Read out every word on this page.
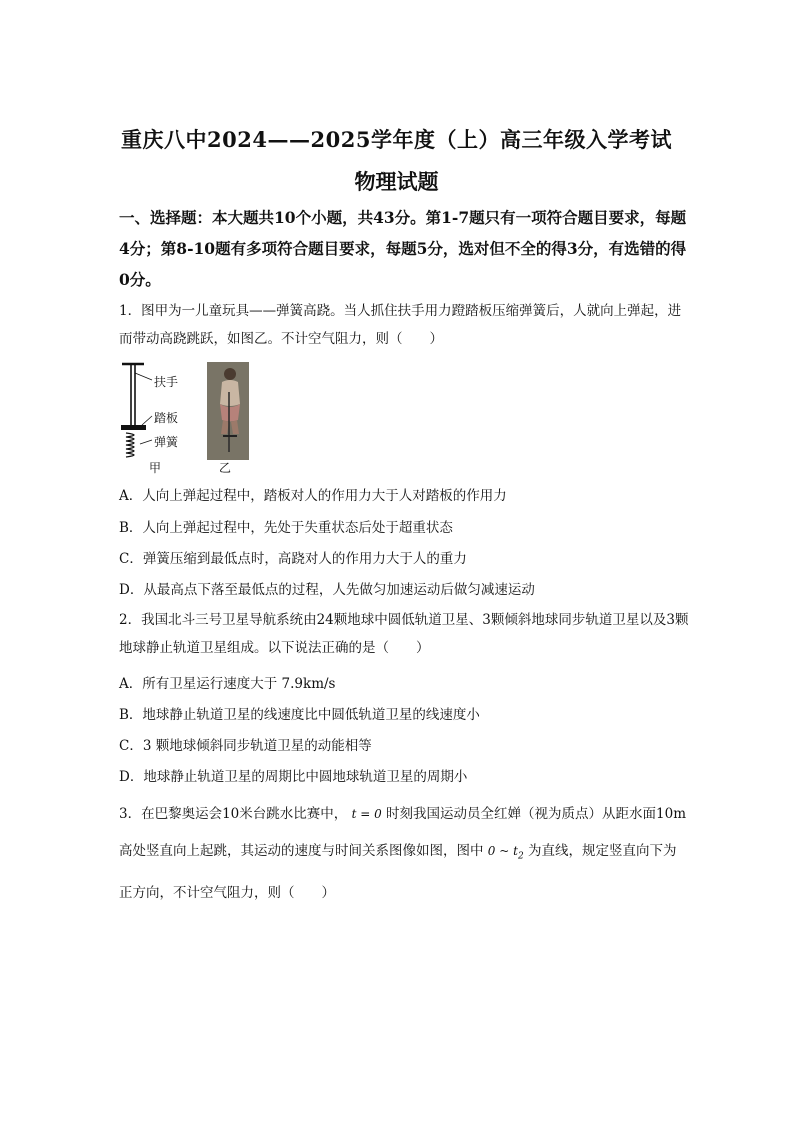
重庆八中2024——2025学年度（上）高三年级入学考试
物理试题
一、选择题：本大题共10个小题，共43分。第1-7题只有一项符合题目要求，每题4分；第8-10题有多项符合题目要求，每题5分，选对但不全的得3分，有选错的得0分。
1．图甲为一儿童玩具——弹簧高跷。当人抓住扶手用力蹬踏板压缩弹簧后，人就向上弹起，进而带动高跷跳跃，如图乙。不计空气阻力，则（　　）
扶手
踏板
弹簧
甲	乙
A．人向上弹起过程中，踏板对人的作用力大于人对踏板的作用力
B．人向上弹起过程中，先处于失重状态后处于超重状态
C．弹簧压缩到最低点时，高跷对人的作用力大于人的重力
D．从最高点下落至最低点的过程，人先做匀加速运动后做匀减速运动
2．我国北斗三号卫星导航系统由24颗地球中圆低轨道卫星、3颗倾斜地球同步轨道卫星以及3颗地球静止轨道卫星组成。以下说法正确的是（　　）
A．所有卫星运行速度大于 7.9km/s
B．地球静止轨道卫星的线速度比中圆低轨道卫星的线速度小
C．3 颗地球倾斜同步轨道卫星的动能相等
D．地球静止轨道卫星的周期比中圆地球轨道卫星的周期小
3．在巴黎奥运会10米台跳水比赛中， t = 0 时刻我国运动员全红婵（视为质点）从距水面10m高处竖直向上起跳，其运动的速度与时间关系图像如图，图中 0 ~ $t_2$ 为直线，规定竖直向下为正方向，不计空气阻力，则（　　）
